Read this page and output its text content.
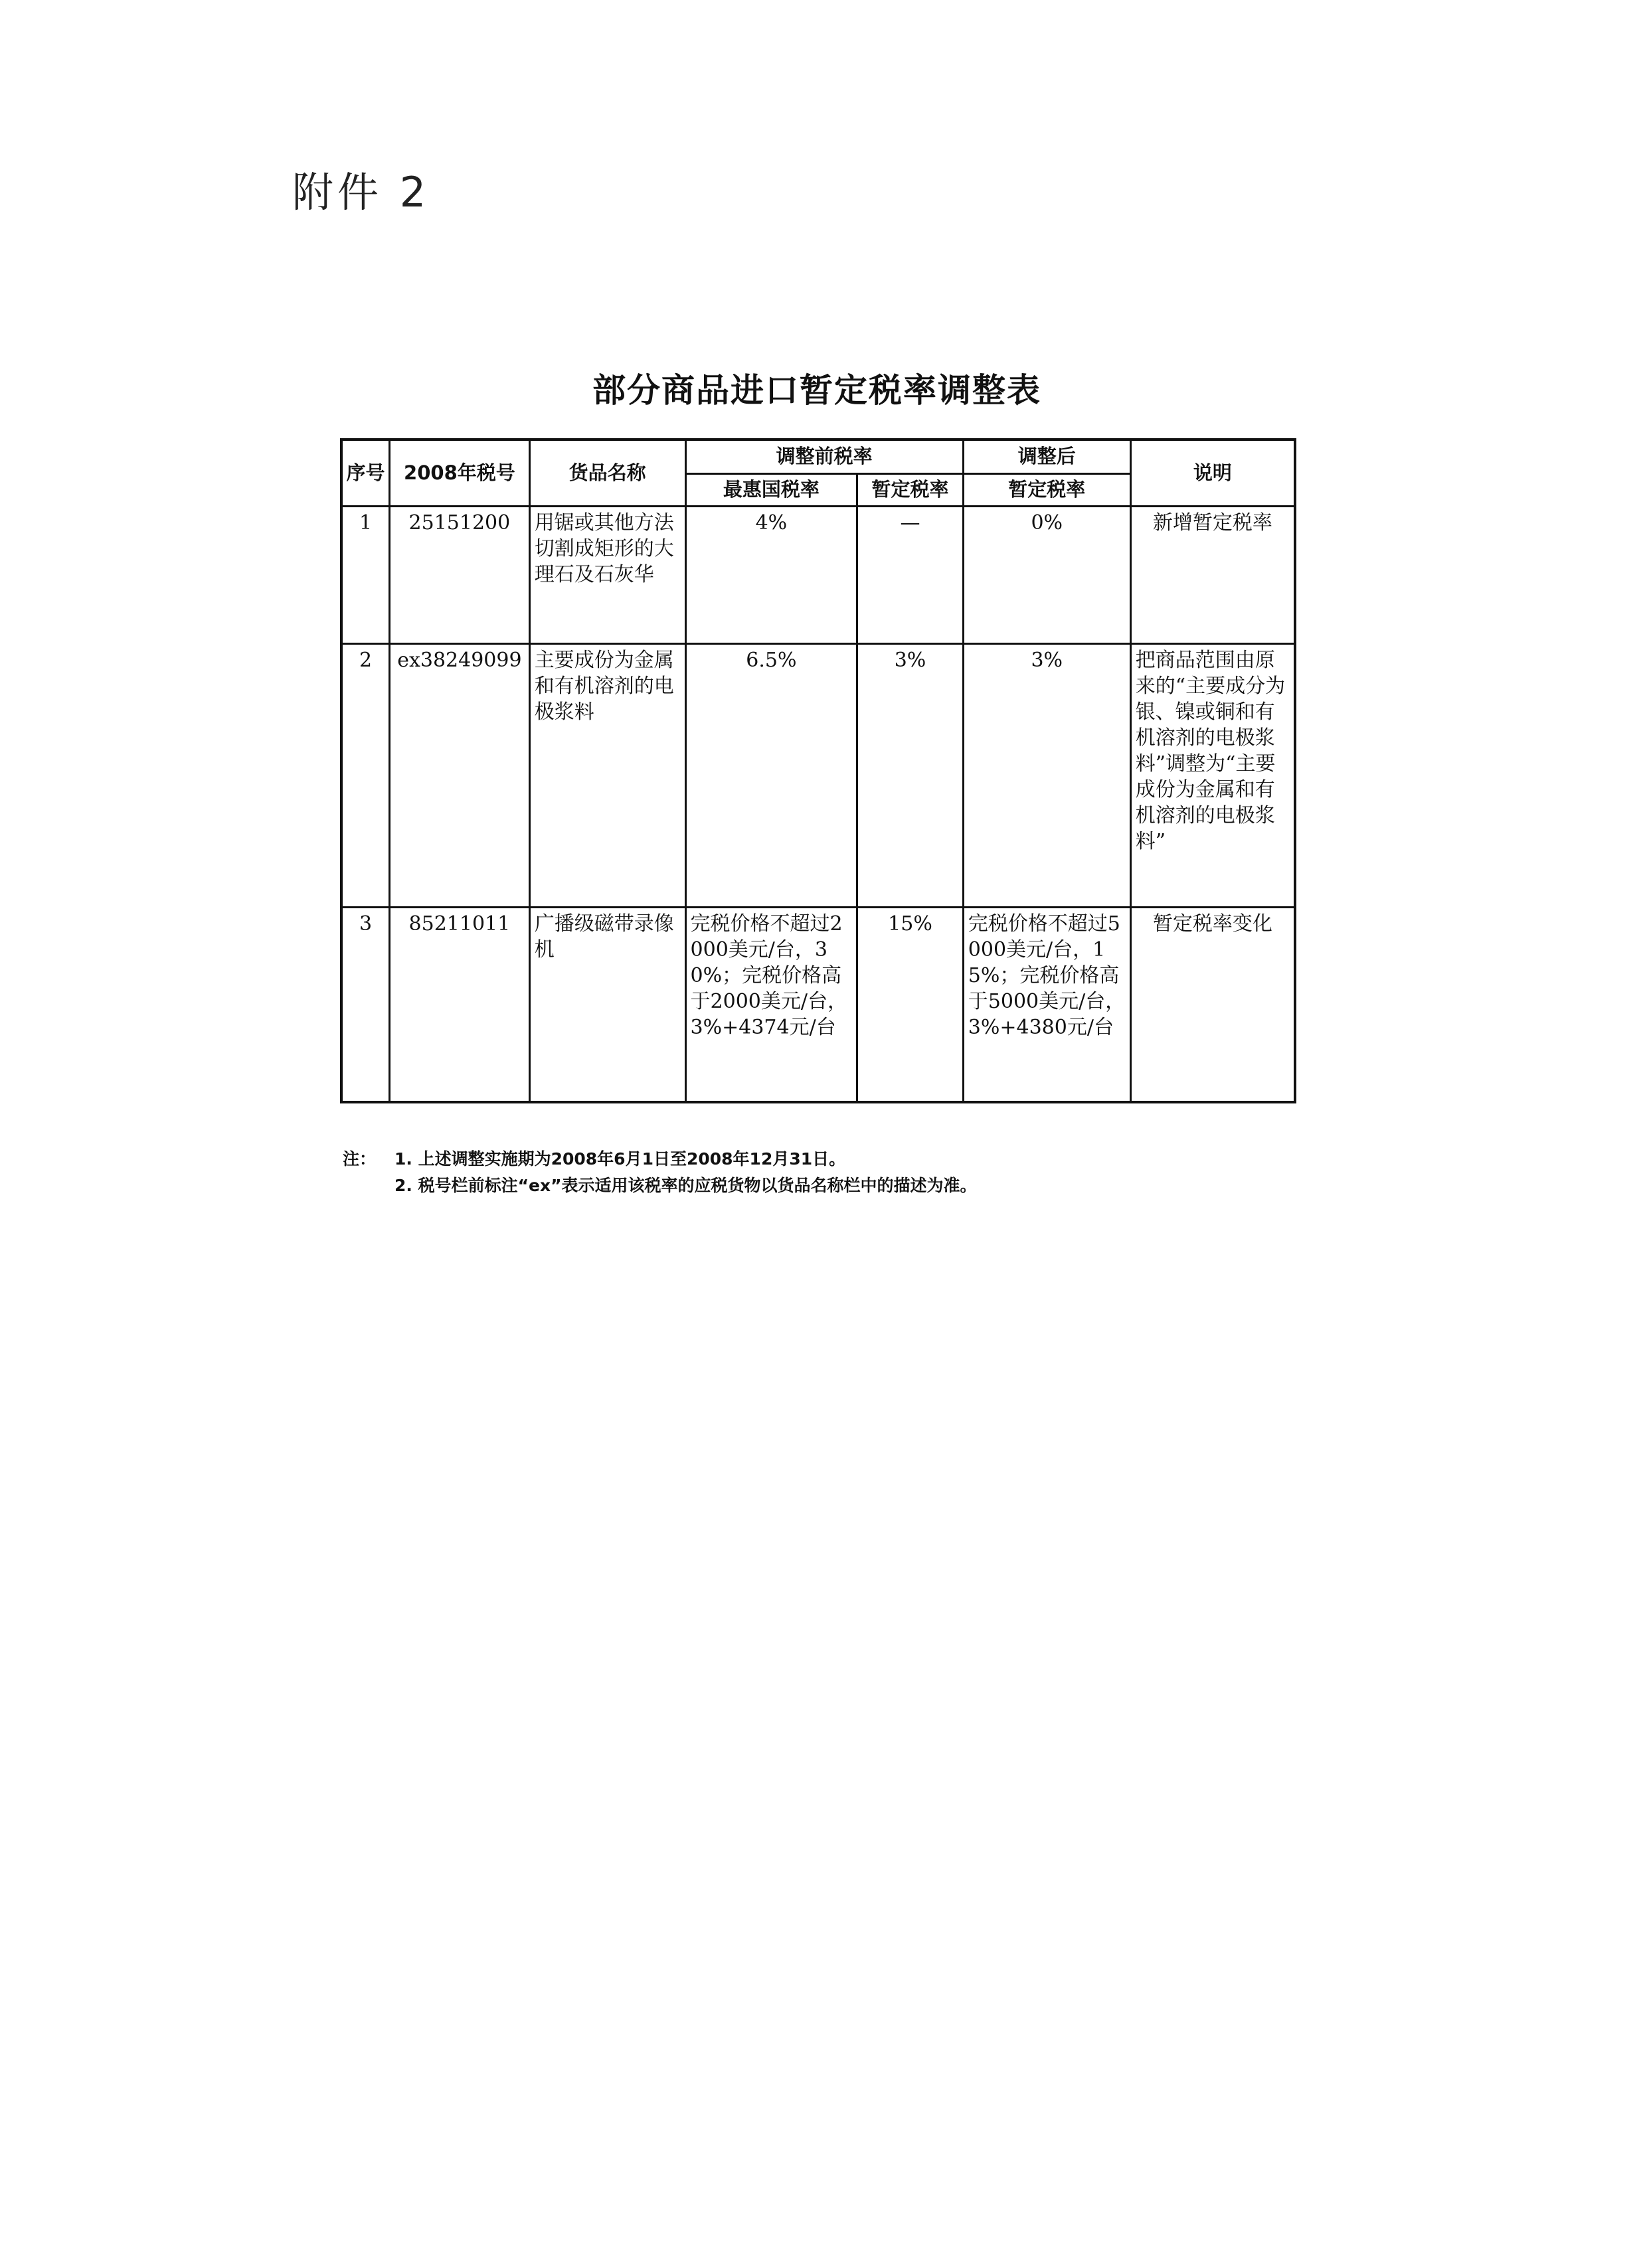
附件 2
部分商品进口暂定税率调整表
序号	2008年税号	货品名称	调整前税率		调整后	说明
			最惠国税率	暂定税率	暂定税率	
1	25151200	用锯或其他方法切割成矩形的大理石及石灰华	4%	—	0%	新增暂定税率
2	ex38249099	主要成份为金属和有机溶剂的电极浆料	6.5%	3%	3%	把商品范围由原来的“主要成分为银、镍或铜和有机溶剂的电极浆料”调整为“主要成份为金属和有机溶剂的电极浆料”
3	85211011	广播级磁带录像机	完税价格不超过2000美元/台，30%；完税价格高于2000美元/台，3%+4374元/台	15%	完税价格不超过5000美元/台，15%；完税价格高于5000美元/台，3%+4380元/台	暂定税率变化
注： 1. 上述调整实施期为2008年6月1日至2008年12月31日。
2. 税号栏前标注“ex”表示适用该税率的应税货物以货品名称栏中的描述为准。
